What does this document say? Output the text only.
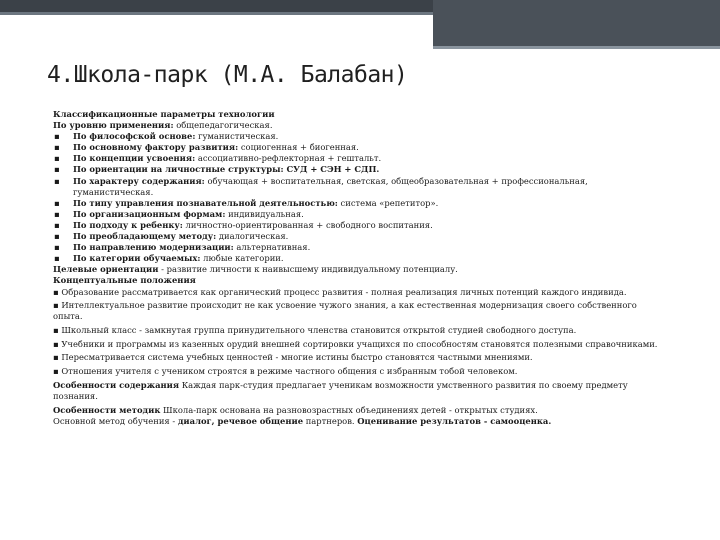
4.Школа-парк (М.А. Балабан)
Классификационные параметры технологии
По уровню применения: общепедагогическая.
▪ По философской основе: гуманистическая.
▪ По основному фактору развития: социогенная + биогенная.
▪ По концепции усвоения: ассоциативно-рефлекторная + гештальт.
▪ По ориентации на личностные структуры: СУД + СЭН + СДП.
▪ По характеру содержания: обучающая + воспитательная, светская, общеобразовательная + профессиональная, гуманистическая.
▪ По типу управления познавательной деятельностью: система «репетитор».
▪ По организационным формам: индивидуальная.
▪ По подходу к ребенку: личностно-ориентированная + свободного воспитания.
▪ По преобладающему методу: диалогическая.
▪ По направлению модернизации: альтернативная.
▪ По категории обучаемых: любые категории.
Целевые ориентации - развитие личности к наивысшему индивидуальному потенциалу.
Концептуальные положения
▪ Образование рассматривается как органический процесс развития - полная реализация личных потенций каждого индивида.
▪ Интеллектуальное развитие происходит не как усвоение чужого знания, а как естественная модернизация своего собственного опыта.
▪ Школьный класс - замкнутая группа принудительного членства становится открытой студией свободного доступа.
▪ Учебники и программы из казенных орудий внешней сортировки учащихся по способностям становятся полезными справочниками.
▪ Пересматривается система учебных ценностей - многие истины быстро становятся частными мнениями.
▪ Отношения учителя с учеником строятся в режиме частного общения с избранным тобой человеком.
Особенности содержания Каждая парк-студия предлагает ученикам возможности умственного развития по своему предмету познания.
Особенности методик Школа-парк основана на разновозрастных объединениях детей - открытых студиях.
Основной метод обучения - диалог, речевое общение партнеров. Оценивание результатов - самооценка.
